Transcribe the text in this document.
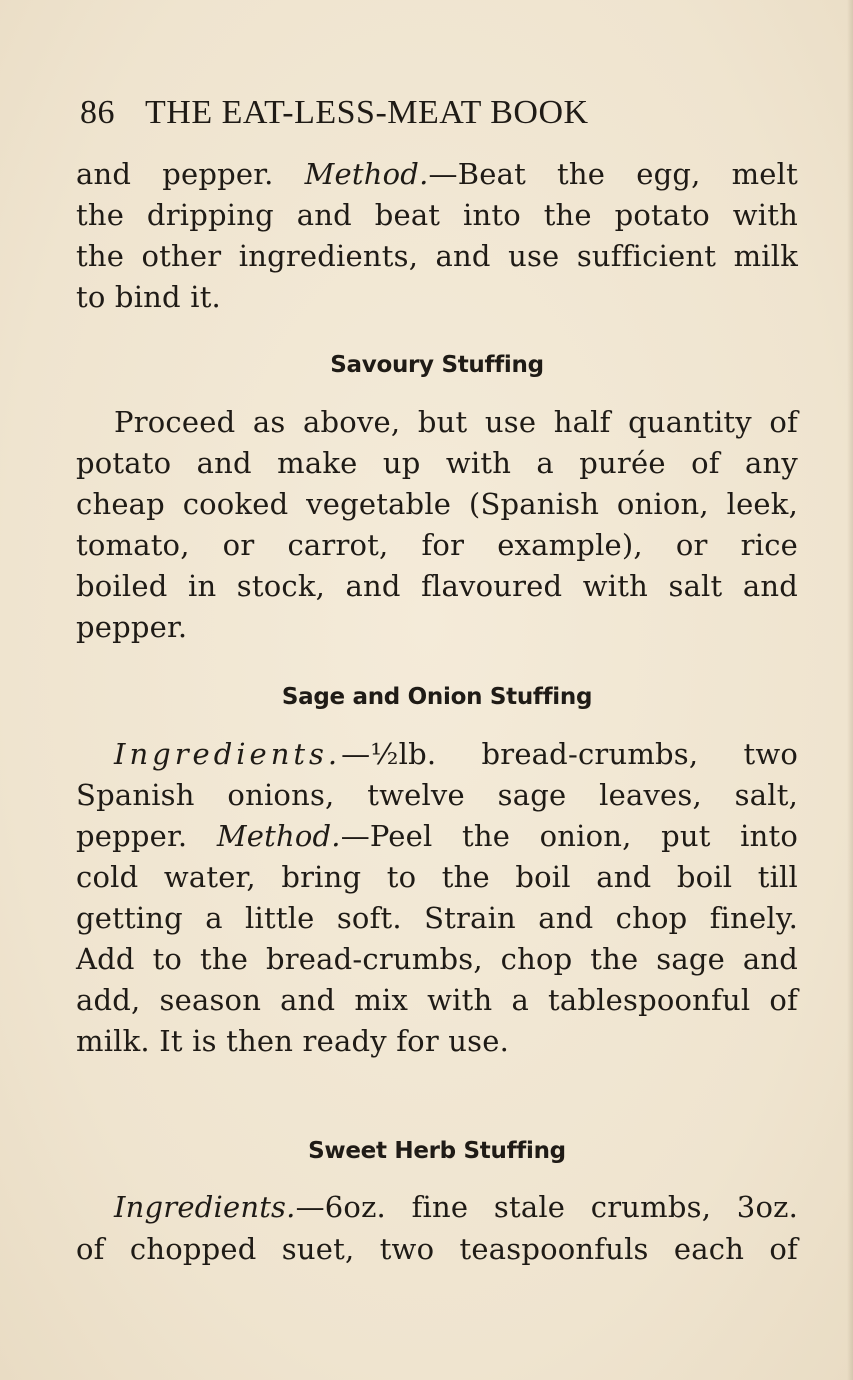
86 THE EAT-LESS-MEAT BOOK
and pepper. Method.—Beat the egg, melt
the dripping and beat into the potato with
the other ingredients, and use sufficient milk
to bind it.
Savoury Stuffing
Proceed as above, but use half quantity of
potato and make up with a purée of any
cheap cooked vegetable (Spanish onion, leek,
tomato, or carrot, for example), or rice
boiled in stock, and flavoured with salt and
pepper.
Sage and Onion Stuffing
Ingredients.—½lb. bread-crumbs, two
Spanish onions, twelve sage leaves, salt,
pepper. Method.—Peel the onion, put into
cold water, bring to the boil and boil till
getting a little soft. Strain and chop finely.
Add to the bread-crumbs, chop the sage and
add, season and mix with a tablespoonful of
milk. It is then ready for use.
Sweet Herb Stuffing
Ingredients.—6oz. fine stale crumbs, 3oz.
of chopped suet, two teaspoonfuls each of
